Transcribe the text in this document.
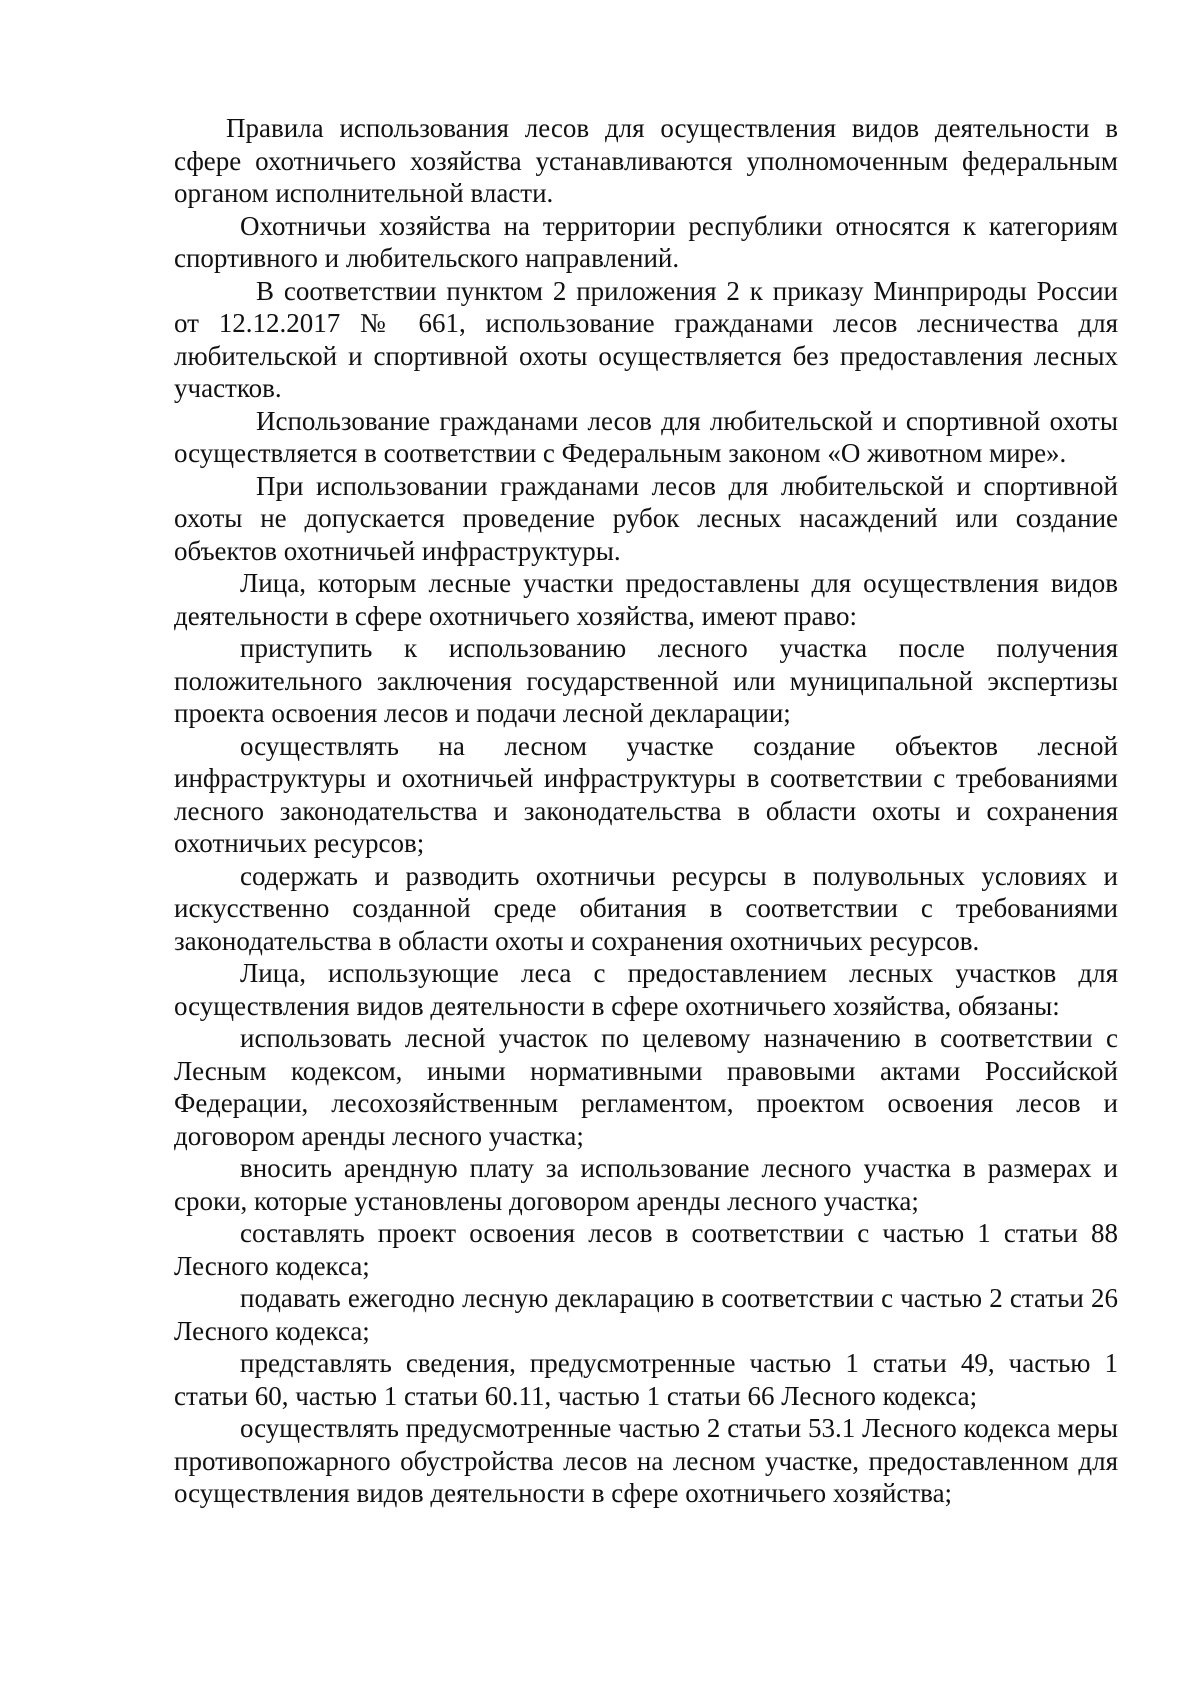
Правила использования лесов для осуществления видов деятельности в сфере охотничьего хозяйства устанавливаются уполномоченным федеральным органом исполнительной власти.

Охотничьи хозяйства на территории республики относятся к категориям спортивного и любительского направлений.

В соответствии пунктом 2 приложения 2 к приказу Минприроды России от 12.12.2017 № 661, использование гражданами лесов лесничества для любительской и спортивной охоты осуществляется без предоставления лесных участков.

Использование гражданами лесов для любительской и спортивной охоты осуществляется в соответствии с Федеральным законом «О животном мире».

При использовании гражданами лесов для любительской и спортивной охоты не допускается проведение рубок лесных насаждений или создание объектов охотничьей инфраструктуры.

Лица, которым лесные участки предоставлены для осуществления видов деятельности в сфере охотничьего хозяйства, имеют право:

приступить к использованию лесного участка после получения положительного заключения государственной или муниципальной экспертизы проекта освоения лесов и подачи лесной декларации;

осуществлять на лесном участке создание объектов лесной инфраструктуры и охотничьей инфраструктуры в соответствии с требованиями лесного законодательства и законодательства в области охоты и сохранения охотничьих ресурсов;

содержать и разводить охотничьи ресурсы в полувольных условиях и искусственно созданной среде обитания в соответствии с требованиями законодательства в области охоты и сохранения охотничьих ресурсов.

Лица, использующие леса с предоставлением лесных участков для осуществления видов деятельности в сфере охотничьего хозяйства, обязаны:

использовать лесной участок по целевому назначению в соответствии с Лесным кодексом, иными нормативными правовыми актами Российской Федерации, лесохозяйственным регламентом, проектом освоения лесов и договором аренды лесного участка;

вносить арендную плату за использование лесного участка в размерах и сроки, которые установлены договором аренды лесного участка;

составлять проект освоения лесов в соответствии с частью 1 статьи 88 Лесного кодекса;

подавать ежегодно лесную декларацию в соответствии с частью 2 статьи 26 Лесного кодекса;

представлять сведения, предусмотренные частью 1 статьи 49, частью 1 статьи 60, частью 1 статьи 60.11, частью 1 статьи 66 Лесного кодекса;

осуществлять предусмотренные частью 2 статьи 53.1 Лесного кодекса меры противопожарного обустройства лесов на лесном участке, предоставленном для осуществления видов деятельности в сфере охотничьего хозяйства;
